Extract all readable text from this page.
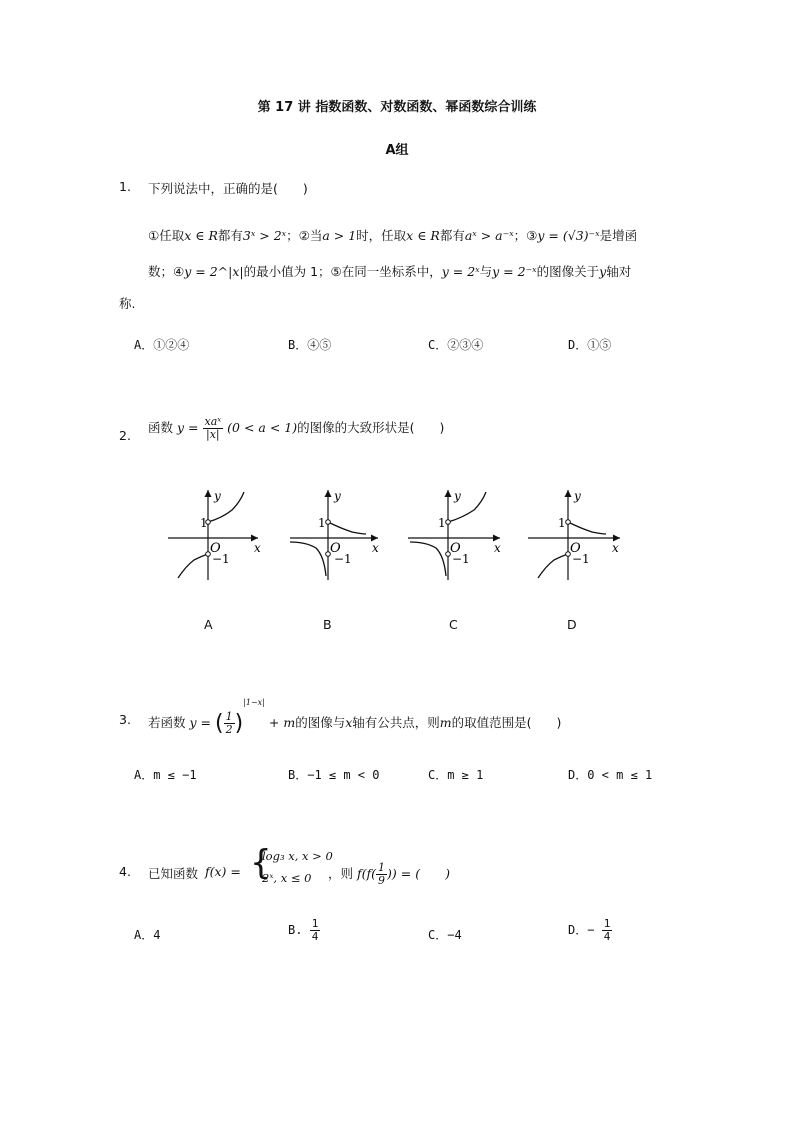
第 17 讲 指数函数、对数函数、幂函数综合训练
A组
1. 下列说法中，正确的是(　　)
①任取x ∈ R都有3ˣ > 2ˣ；②当a > 1时，任取x ∈ R都有aˣ > a⁻ˣ；③y = (√3)⁻ˣ是增函
数；④y = 2^|x|的最小值为 1；⑤在同一坐标系中，y = 2ˣ与y = 2⁻ˣ的图像关于y轴对
称.
A．①②④	B．④⑤	C．②③④	D．①⑤
2.
函数 $y = \frac{\text{xaˣ}}{|x|} (0 < a < 1)$的图像的大致形状是(　　)
y
x
1
O
−1
y
x
1
O
−1
y
x
1
O
−1
y
x
1
O
−1
A	B	C	D
3. 若函数 y = ( $\frac{1}{2} )^{|1-x|} + m$的图像与x轴有公共点，则m的取值范围是(　　)
A．m ≤ −1	B．−1 ≤ m < 0	C．m ≥ 1	D．0 < m ≤ 1
4. 已知函数 f(x) = {
log₃ x, x > 0
2ˣ, x ≤ 0 ，则 $f(f( \frac{1}{9}$ )) = (　　)
A．4	B. $\frac{1}{4}$	C．−4	D．− $\frac{1}{4}$
